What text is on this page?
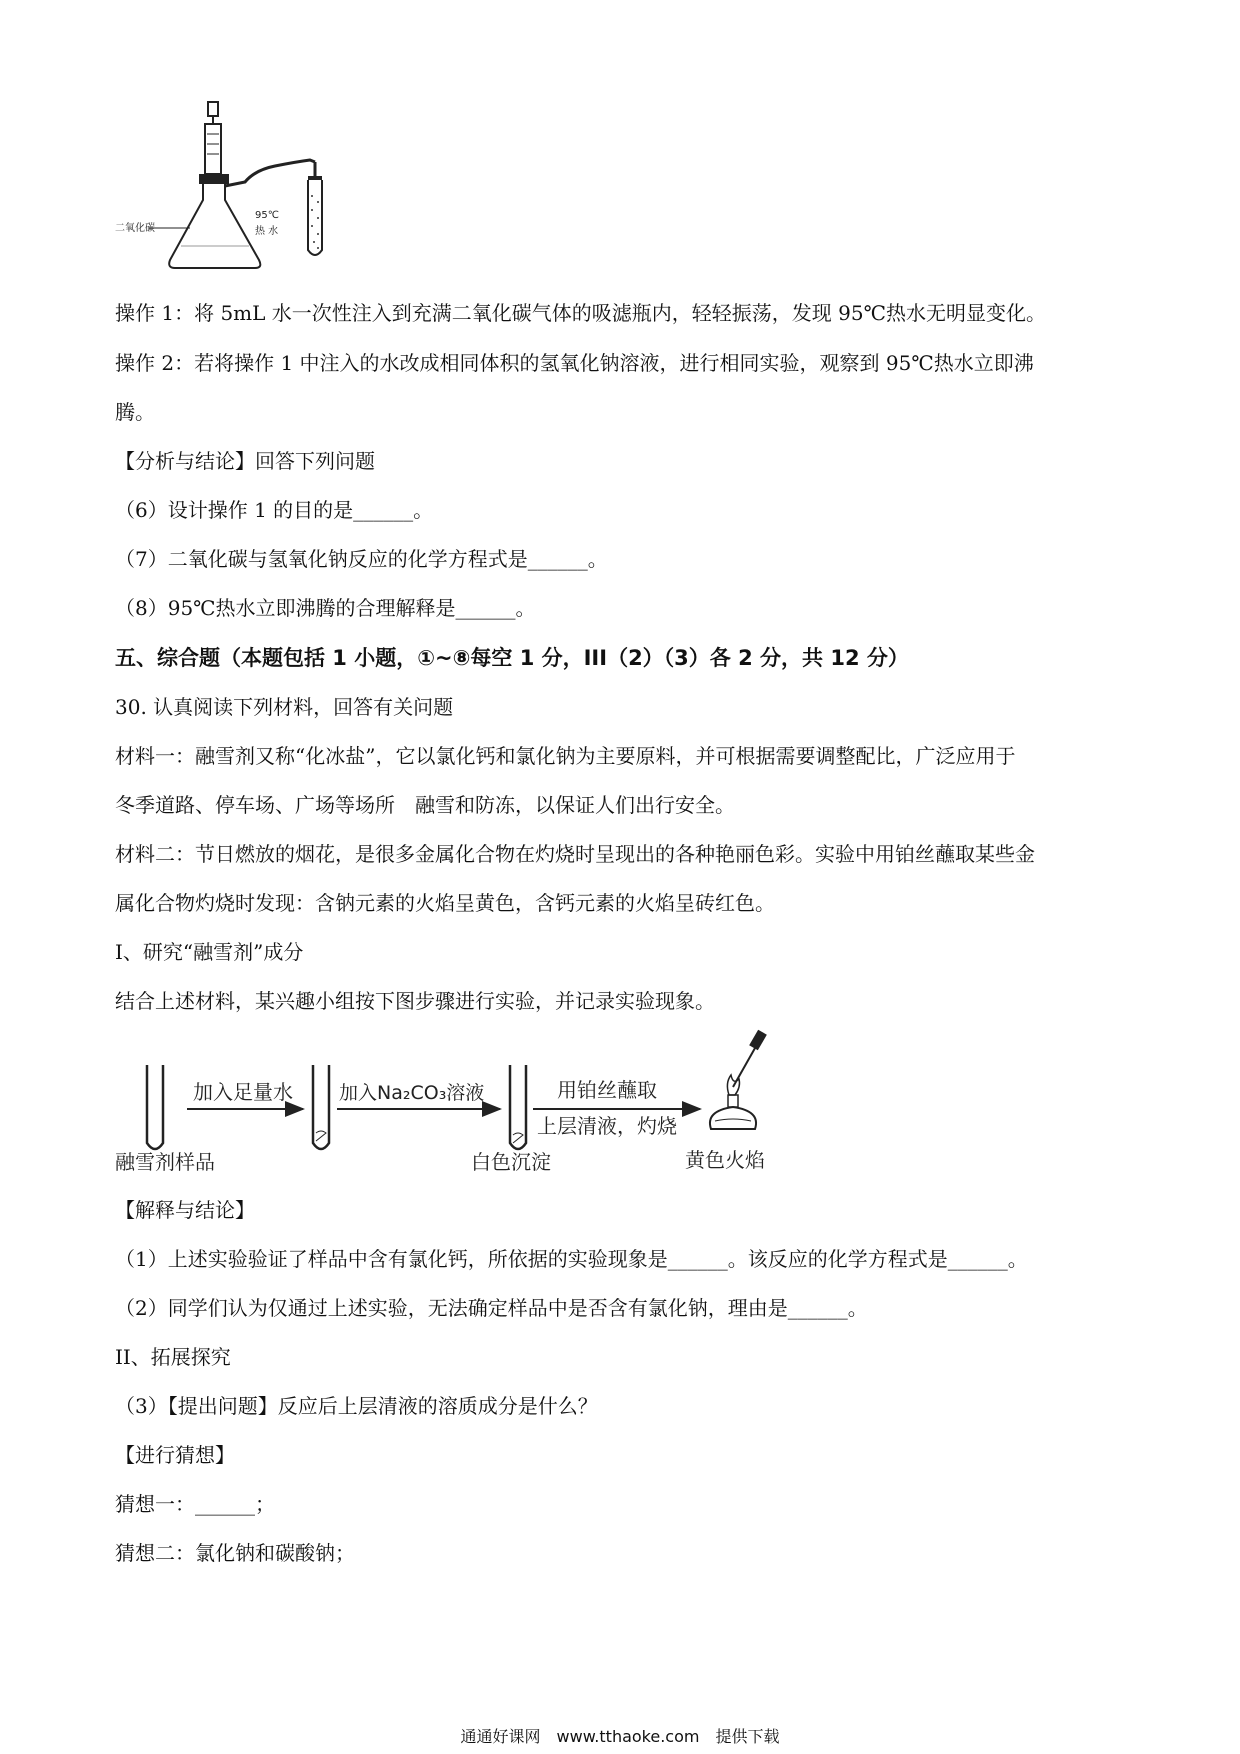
二氧化碳
95℃
热 水
操作 1：将 5mL 水一次性注入到充满二氧化碳气体的吸滤瓶内，轻轻振荡，发现 95℃热水无明显变化。
操作 2：若将操作 1 中注入的水改成相同体积的氢氧化钠溶液，进行相同实验，观察到 95℃热水立即沸
腾。
【分析与结论】回答下列问题
（6）设计操作 1 的目的是______。
（7）二氧化碳与氢氧化钠反应的化学方程式是______。
（8）95℃热水立即沸腾的合理解释是______。
五、综合题（本题包括 1 小题，①~⑧每空 1 分，III（2）（3）各 2 分，共 12 分）
30. 认真阅读下列材料，回答有关问题
材料一：融雪剂又称“化冰盐”，它以氯化钙和氯化钠为主要原料，并可根据需要调整配比，广泛应用于
冬季道路、停车场、广场等场所　融雪和防冻，以保证人们出行安全。
材料二：节日燃放的烟花，是很多金属化合物在灼烧时呈现出的各种艳丽色彩。实验中用铂丝蘸取某些金
属化合物灼烧时发现：含钠元素的火焰呈黄色，含钙元素的火焰呈砖红色。
I、研究“融雪剂”成分
结合上述材料，某兴趣小组按下图步骤进行实验，并记录实验现象。
加入足量水 加入Na₂CO₃溶液	用铂丝蘸取
上层清液，灼烧
融雪剂样品	白色沉淀	黄色火焰
【解释与结论】
（1）上述实验验证了样品中含有氯化钙，所依据的实验现象是______。该反应的化学方程式是______。
（2）同学们认为仅通过上述实验，无法确定样品中是否含有氯化钠，理由是______。
II、拓展探究
（3）【提出问题】反应后上层清液的溶质成分是什么？
【进行猜想】
猜想一：______；
猜想二：氯化钠和碳酸钠；
通通好课网　www.tthaoke.com　提供下载
